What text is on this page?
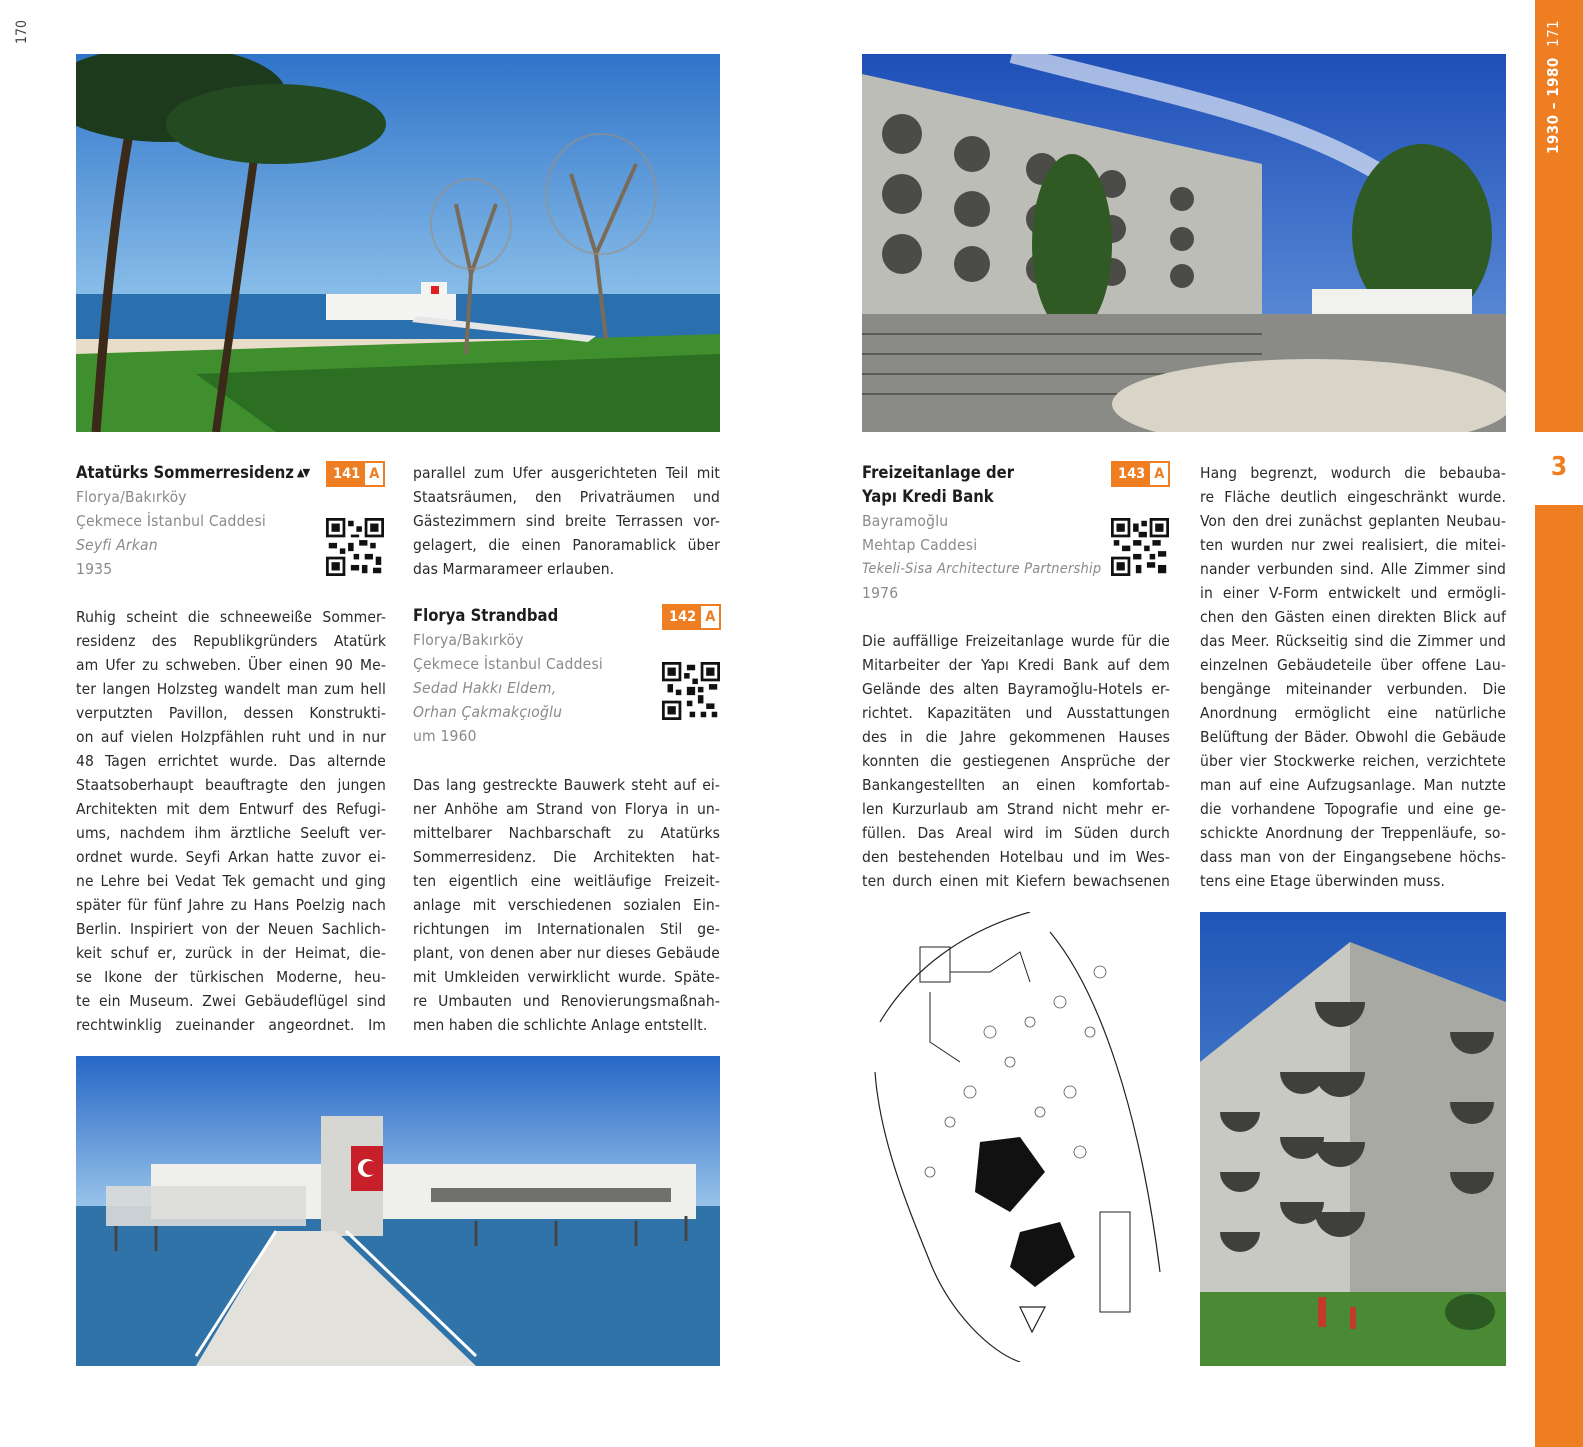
170
1930 – 1980
171
3
Atatürks Sommerresidenz ▲▼	141 A
Florya/Bakırköy
Çekmece İstanbul Caddesi
Seyfi Arkan
1935
Ruhig scheint die schneeweiße Sommer-
residenz des Republikgründers Atatürk
am Ufer zu schweben. Über einen 90 Me-
ter langen Holzsteg wandelt man zum hell
verputzten Pavillon, dessen Konstrukti-
on auf vielen Holzpfählen ruht und in nur
48 Tagen errichtet wurde. Das alternde
Staatsoberhaupt beauftragte den jungen
Architekten mit dem Entwurf des Refugi-
ums, nachdem ihm ärztliche Seeluft ver-
ordnet wurde. Seyfi Arkan hatte zuvor ei-
ne Lehre bei Vedat Tek gemacht und ging
später für fünf Jahre zu Hans Poelzig nach
Berlin. Inspiriert von der Neuen Sachlich-
keit schuf er, zurück in der Heimat, die-
se Ikone der türkischen Moderne, heu-
te ein Museum. Zwei Gebäudeflügel sind
rechtwinklig zueinander angeordnet. Im
parallel zum Ufer ausgerichteten Teil mit
Staatsräumen, den Privaträumen und
Gästezimmern sind breite Terrassen vor-
gelagert, die einen Panoramablick über
das Marmarameer erlauben.
Florya Strandbad	142 A
Florya/Bakırköy
Çekmece İstanbul Caddesi
Sedad Hakkı Eldem,
Orhan Çakmakçıoğlu
um 1960
Das lang gestreckte Bauwerk steht auf ei-
ner Anhöhe am Strand von Florya in un-
mittelbarer Nachbarschaft zu Atatürks
Sommerresidenz. Die Architekten hat-
ten eigentlich eine weitläufige Freizeit-
anlage mit verschiedenen sozialen Ein-
richtungen im Internationalen Stil ge-
plant, von denen aber nur dieses Gebäude
mit Umkleiden verwirklicht wurde. Späte-
re Umbauten und Renovierungsmaßnah-
men haben die schlichte Anlage entstellt.
Freizeitanlage der
Yapı Kredi Bank
143 A
Bayramoğlu
Mehtap Caddesi
Tekeli-Sisa Architecture Partnership
1976
Die auffällige Freizeitanlage wurde für die
Mitarbeiter der Yapı Kredi Bank auf dem
Gelände des alten Bayramoğlu-Hotels er-
richtet. Kapazitäten und Ausstattungen
des in die Jahre gekommenen Hauses
konnten die gestiegenen Ansprüche der
Bankangestellten an einen komfortab-
len Kurzurlaub am Strand nicht mehr er-
füllen. Das Areal wird im Süden durch
den bestehenden Hotelbau und im Wes-
ten durch einen mit Kiefern bewachsenen
Hang begrenzt, wodurch die bebauba-
re Fläche deutlich eingeschränkt wurde.
Von den drei zunächst geplanten Neubau-
ten wurden nur zwei realisiert, die mitei-
nander verbunden sind. Alle Zimmer sind
in einer V-Form entwickelt und ermögli-
chen den Gästen einen direkten Blick auf
das Meer. Rückseitig sind die Zimmer und
einzelnen Gebäudeteile über offene Lau-
bengänge miteinander verbunden. Die
Anordnung ermöglicht eine natürliche
Belüftung der Bäder. Obwohl die Gebäude
über vier Stockwerke reichen, verzichtete
man auf eine Aufzugsanlage. Man nutzte
die vorhandene Topografie und eine ge-
schickte Anordnung der Treppenläufe, so-
dass man von der Eingangsebene höchs-
tens eine Etage überwinden muss.
